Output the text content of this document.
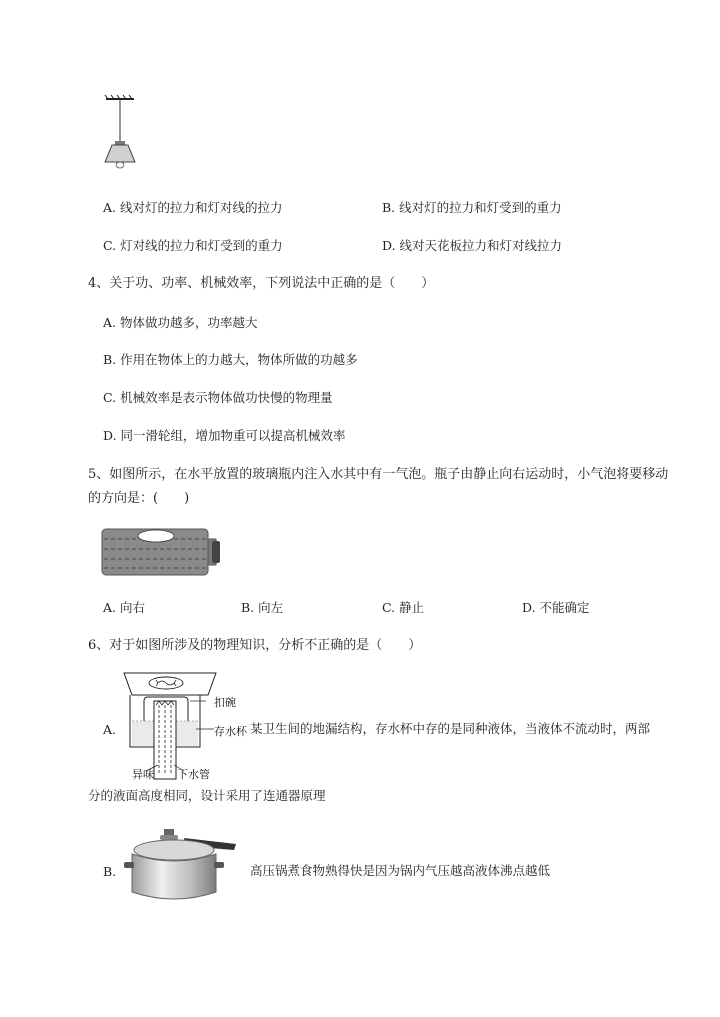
A. 线对灯的拉力和灯对线的拉力	B. 线对灯的拉力和灯受到的重力
C. 灯对线的拉力和灯受到的重力	D. 线对天花板拉力和灯对线拉力
4、关于功、功率、机械效率，下列说法中正确的是（　　）
A. 物体做功越多，功率越大
B. 作用在物体上的力越大，物体所做的功越多
C. 机械效率是表示物体做功快慢的物理量
D. 同一滑轮组，增加物重可以提高机械效率
5、如图所示，在水平放置的玻璃瓶内注入水其中有一气泡。瓶子由静止向右运动时，小气泡将要移动
的方向是：(　　)
A. 向右	B. 向左	C. 静止	D. 不能确定
6、对于如图所涉及的物理知识，分析不正确的是（　　）
A.
扣碗
存水杯
异味 下水管
某卫生间的地漏结构，存水杯中存的是同种液体，当液体不流动时，两部
分的液面高度相同，设计采用了连通器原理
B.	高压锅煮食物熟得快是因为锅内气压越高液体沸点越低
